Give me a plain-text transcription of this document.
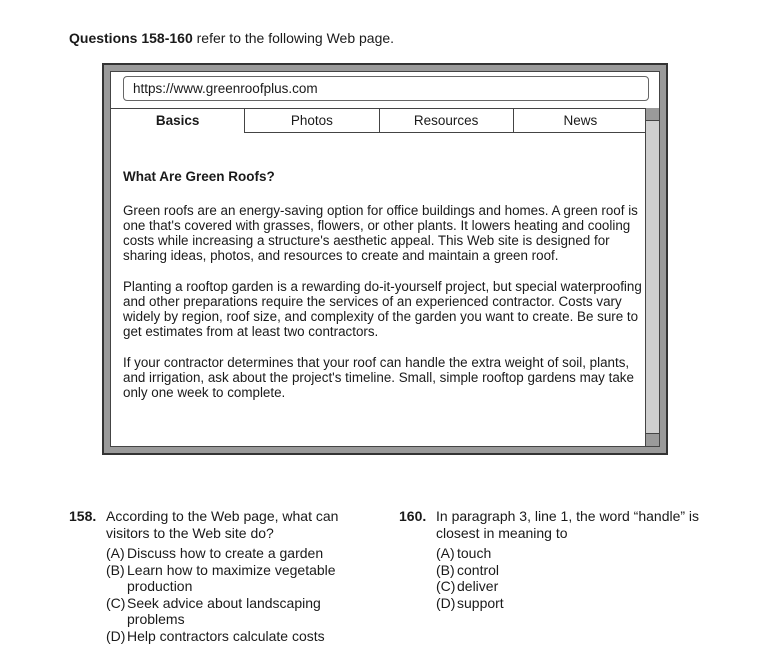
Questions 158-160 refer to the following Web page.
https://www.greenroofplus.com
Basics	Photos	Resources	News
What Are Green Roofs?

Green roofs are an energy-saving option for office buildings and homes. A green roof is one that's covered with grasses, flowers, or other plants. It lowers heating and cooling costs while increasing a structure's aesthetic appeal. This Web site is designed for sharing ideas, photos, and resources to create and maintain a green roof.

Planting a rooftop garden is a rewarding do-it-yourself project, but special waterproofing and other preparations require the services of an experienced contractor. Costs vary widely by region, roof size, and complexity of the garden you want to create. Be sure to get estimates from at least two contractors.

If your contractor determines that your roof can handle the extra weight of soil, plants, and irrigation, ask about the project's timeline. Small, simple rooftop gardens may take only one week to complete.

158. According to the Web page, what can visitors to the Web site do?
(A) Discuss how to create a garden
(B) Learn how to maximize vegetable production
(C) Seek advice about landscaping problems
(D) Help contractors calculate costs
160. In paragraph 3, line 1, the word “handle” is closest in meaning to
(A) touch
(B) control
(C) deliver
(D) support
